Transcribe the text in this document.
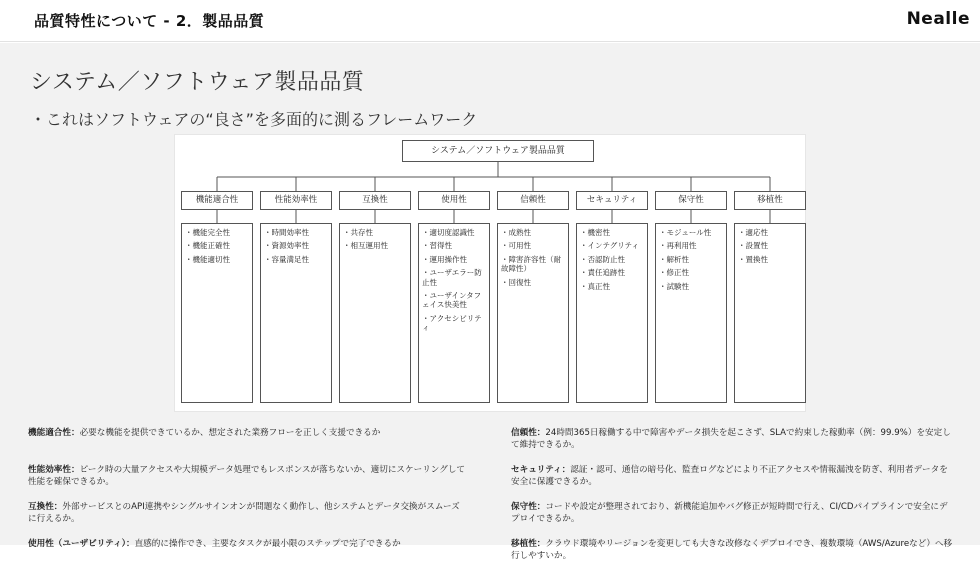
品質特性について - 2．製品品質	Nealle
システム／ソフトウェア製品品質
・これはソフトウェアの“良さ”を多面的に測るフレームワーク
システム／ソフトウェア製品品質
機能適合性
・機能完全性
・機能正確性
・機能適切性
性能効率性
・時間効率性
・資源効率性
・容量満足性
互換性
・共存性
・相互運用性
使用性
・適切度認識性
・習得性
・運用操作性
・ユーザエラー防止性
・ユーザインタフェイス快美性
・アクセシビリティ
信頼性
・成熟性
・可用性
・障害許容性（耐故障性）
・回復性
セキュリティ
・機密性
・インテグリティ
・否認防止性
・責任追跡性
・真正性
保守性
・モジュール性
・再利用性
・解析性
・修正性
・試験性
移植性
・適応性
・設置性
・置換性
機能適合性：必要な機能を提供できているか、想定された業務フローを正しく支援できるか
性能効率性：ピーク時の大量アクセスや大規模データ処理でもレスポンスが落ちないか、適切にスケーリングして性能を確保できるか。
互換性：外部サービスとのAPI連携やシングルサインオンが問題なく動作し、他システムとデータ交換がスムーズに行えるか。
使用性（ユーザビリティ）：直感的に操作でき、主要なタスクが最小限のステップで完了できるか
信頼性：24時間365日稼働する中で障害やデータ損失を起こさず、SLAで約束した稼動率（例：99.9%）を安定して維持できるか。
セキュリティ：認証・認可、通信の暗号化、監査ログなどにより不正アクセスや情報漏洩を防ぎ、利用者データを安全に保護できるか。
保守性：コードや設定が整理されており、新機能追加やバグ修正が短時間で行え、CI/CDパイプラインで安全にデプロイできるか。
移植性：クラウド環境やリージョンを変更しても大きな改修なくデプロイでき、複数環境（AWS/Azureなど）へ移行しやすいか。
